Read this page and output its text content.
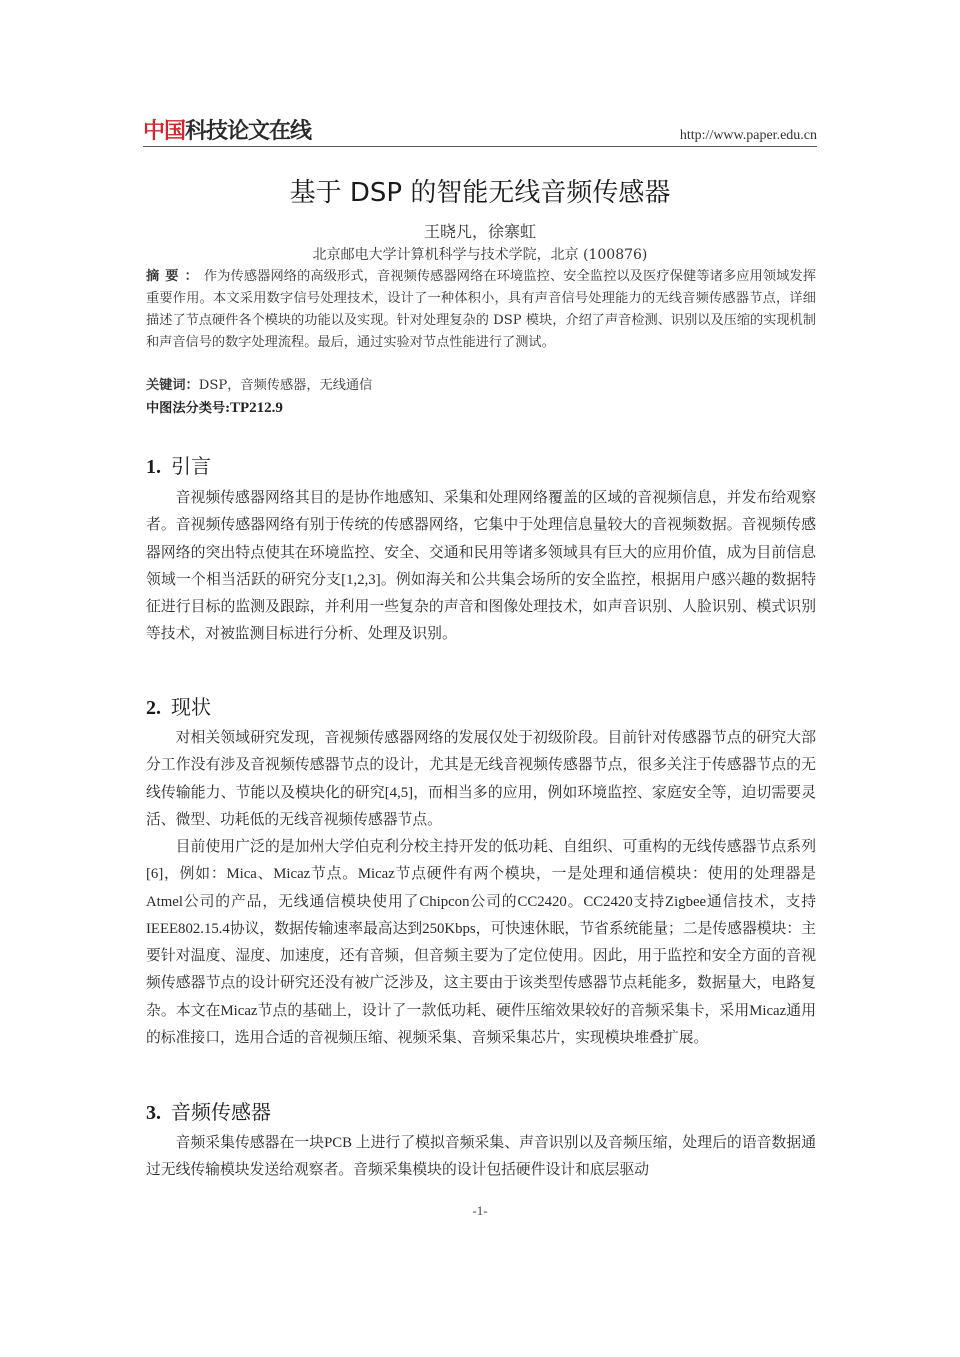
中国科技论文在线	http://www.paper.edu.cn
基于 DSP 的智能无线音频传感器
王晓凡，徐寨虹
北京邮电大学计算机科学与技术学院，北京 (100876)
摘要：作为传感器网络的高级形式，音视频传感器网络在环境监控、安全监控以及医疗保健等诸多应用领域发挥重要作用。本文采用数字信号处理技术，设计了一种体积小，具有声音信号处理能力的无线音频传感器节点，详细描述了节点硬件各个模块的功能以及实现。针对处理复杂的 DSP 模块，介绍了声音检测、识别以及压缩的实现机制和声音信号的数字处理流程。最后，通过实验对节点性能进行了测试。
关键词：DSP，音频传感器，无线通信
中图法分类号:TP212.9
1. 引言

音视频传感器网络其目的是协作地感知、采集和处理网络覆盖的区域的音视频信息，并发布给观察者。音视频传感器网络有别于传统的传感器网络，它集中于处理信息量较大的音视频数据。音视频传感器网络的突出特点使其在环境监控、安全、交通和民用等诸多领域具有巨大的应用价值，成为目前信息领域一个相当活跃的研究分支[1,2,3]。例如海关和公共集会场所的安全监控，根据用户感兴趣的数据特征进行目标的监测及跟踪，并利用一些复杂的声音和图像处理技术，如声音识别、人脸识别、模式识别等技术，对被监测目标进行分析、处理及识别。

2. 现状

对相关领域研究发现，音视频传感器网络的发展仅处于初级阶段。目前针对传感器节点的研究大部分工作没有涉及音视频传感器节点的设计，尤其是无线音视频传感器节点，很多关注于传感器节点的无线传输能力、节能以及模块化的研究[4,5]，而相当多的应用，例如环境监控、家庭安全等，迫切需要灵活、微型、功耗低的无线音视频传感器节点。

目前使用广泛的是加州大学伯克利分校主持开发的低功耗、自组织、可重构的无线传感器节点系列[6]，例如：Mica、Micaz节点。Micaz节点硬件有两个模块，一是处理和通信模块：使用的处理器是Atmel公司的产品，无线通信模块使用了Chipcon公司的CC2420。CC2420支持Zigbee通信技术，支持IEEE802.15.4协议，数据传输速率最高达到250Kbps，可快速休眠，节省系统能量；二是传感器模块：主要针对温度、湿度、加速度，还有音频，但音频主要为了定位使用。因此，用于监控和安全方面的音视频传感器节点的设计研究还没有被广泛涉及，这主要由于该类型传感器节点耗能多，数据量大，电路复杂。本文在Micaz节点的基础上，设计了一款低功耗、硬件压缩效果较好的音频采集卡，采用Micaz通用的标准接口，选用合适的音视频压缩、视频采集、音频采集芯片，实现模块堆叠扩展。

3. 音频传感器

音频采集传感器在一块PCB 上进行了模拟音频采集、声音识别以及音频压缩，处理后的语音数据通过无线传输模块发送给观察者。音频采集模块的设计包括硬件设计和底层驱动

-1-
